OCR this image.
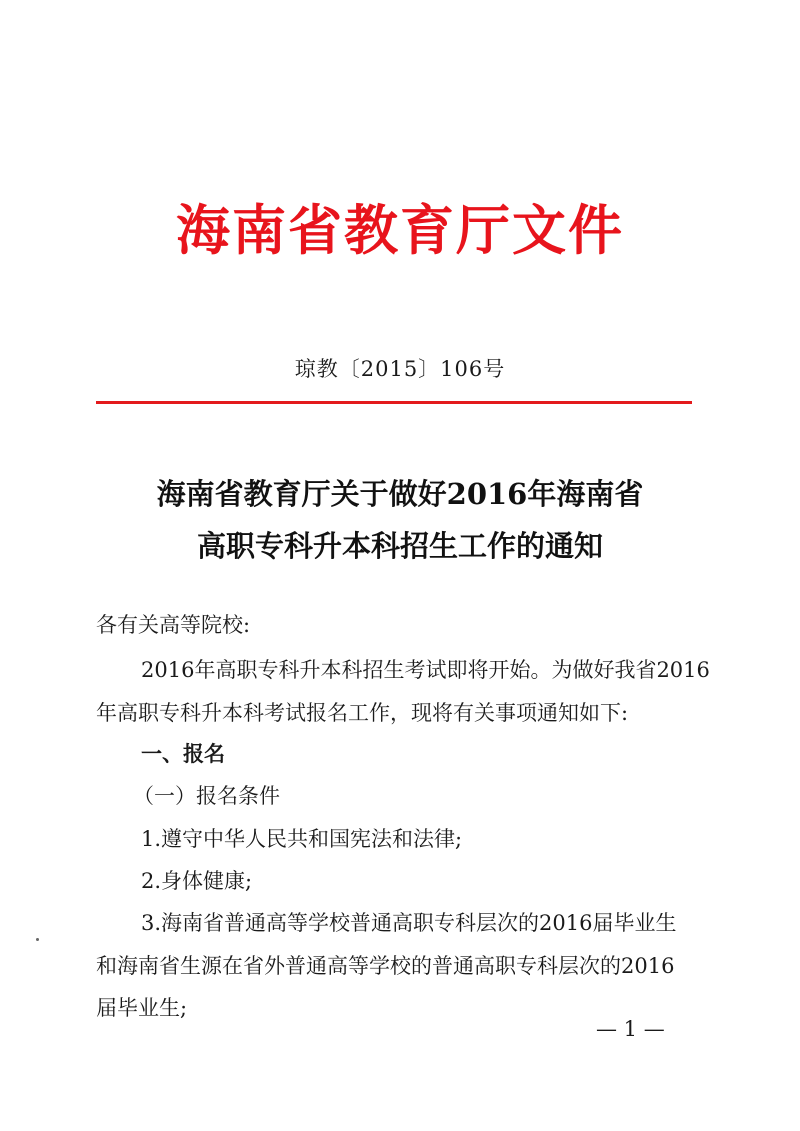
海南省教育厅文件
琼教〔2015〕106号
海南省教育厅关于做好2016年海南省
高职专科升本科招生工作的通知
各有关高等院校:
2016年高职专科升本科招生考试即将开始。为做好我省2016
年高职专科升本科考试报名工作，现将有关事项通知如下:
一、报名
（一）报名条件
1.遵守中华人民共和国宪法和法律;
2.身体健康;
3.海南省普通高等学校普通高职专科层次的2016届毕业生
和海南省生源在省外普通高等学校的普通高职专科层次的2016
届毕业生;
— 1 —
